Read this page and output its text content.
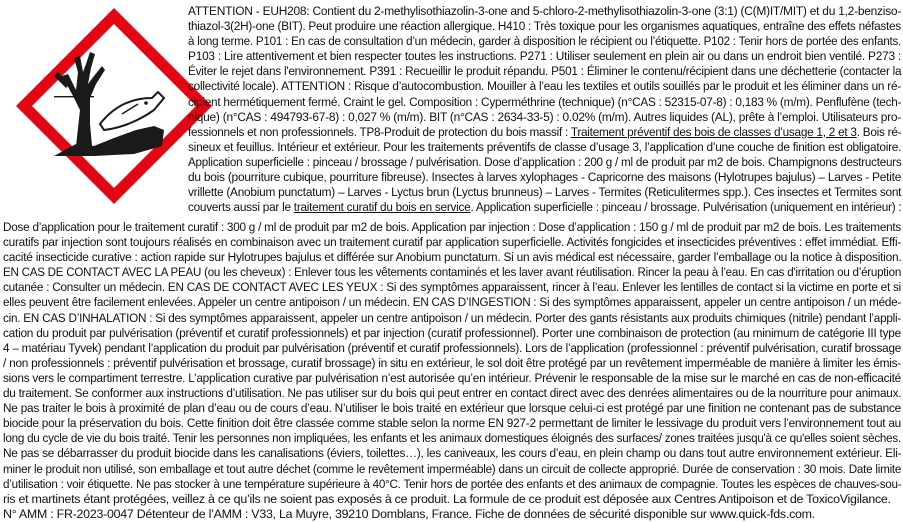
ATTENTION - EUH208: Contient du 2-methylisothiazolin-3-one and 5-chloro-2-methylisothiazolin-3-one (3:1) (C(M)IT/MIT) et du 1,2-benziso-
thiazol-3(2H)-one (BIT). Peut produire une réaction allergique. H410 : Très toxique pour les organismes aquatiques, entraîne des effets néfastes
à long terme. P101 : En cas de consultation d’un médecin, garder à disposition le récipient ou l’étiquette. P102 : Tenir hors de portée des enfants.
P103 : Lire attentivement et bien respecter toutes les instructions. P271 : Utiliser seulement en plein air ou dans un endroit bien ventilé. P273 :
Éviter le rejet dans l'environnement. P391 : Recueillir le produit répandu. P501 : Éliminer le contenu/récipient dans une déchetterie (contacter la
collectivité locale). ATTENTION : Risque d’autocombustion. Mouiller à l’eau les textiles et outils souillés par le produit et les éliminer dans un ré-
cipient hermétiquement fermé. Craint le gel. Composition : Cyperméthrine (technique) (n°CAS : 52315-07-8) : 0,183 % (m/m). Penflufène (tech-
nique) (n°CAS : 494793-67-8) : 0,027 % (m/m). BIT (n°CAS : 2634-33-5) : 0.02% (m/m). Autres liquides (AL), prête à l’emploi. Utilisateurs pro-
fessionnels et non professionnels. TP8-Produit de protection du bois massif : Traitement préventif des bois de classes d’usage 1, 2 et 3. Bois ré-
sineux et feuillus. Intérieur et extérieur. Pour les traitements préventifs de classe d’usage 3, l’application d’une couche de finition est obligatoire.
Application superficielle : pinceau / brossage / pulvérisation. Dose d’application : 200 g / ml de produit par m2 de bois. Champignons destructeurs
du bois (pourriture cubique, pourriture fibreuse). Insectes à larves xylophages - Capricorne des maisons (Hylotrupes bajulus) – Larves - Petite
vrillette (Anobium punctatum) – Larves - Lyctus brun (Lyctus brunneus) – Larves - Termites (Reticulitermes spp.). Ces insectes et Termites sont
couverts aussi par le traitement curatif du bois en service. Application superficielle : pinceau / brossage. Pulvérisation (uniquement en intérieur) :
Dose d’application pour le traitement curatif : 300 g / ml de produit par m2 de bois. Application par injection : Dose d’application : 150 g / ml de produit par m2 de bois. Les traitements
curatifs par injection sont toujours réalisés en combinaison avec un traitement curatif par application superficielle. Activités fongicides et insecticides préventives : effet immédiat. Effi-
cacité insecticide curative : action rapide sur Hylotrupes bajulus et différée sur Anobium punctatum. Si un avis médical est nécessaire, garder l’emballage ou la notice à disposition.
EN CAS DE CONTACT AVEC LA PEAU (ou les cheveux) : Enlever tous les vêtements contaminés et les laver avant réutilisation. Rincer la peau à l’eau. En cas d'irritation ou d’éruption
cutanée : Consulter un médecin. EN CAS DE CONTACT AVEC LES YEUX : Si des symptômes apparaissent, rincer à l’eau. Enlever les lentilles de contact si la victime en porte et si
elles peuvent être facilement enlevées. Appeler un centre antipoison / un médecin. EN CAS D’INGESTION : Si des symptômes apparaissent, appeler un centre antipoison / un méde-
cin. EN CAS D’INHALATION : Si des symptômes apparaissent, appeler un centre antipoison / un médecin. Porter des gants résistants aux produits chimiques (nitrile) pendant l’appli-
cation du produit par pulvérisation (préventif et curatif professionnels) et par injection (curatif professionnel). Porter une combinaison de protection (au minimum de catégorie III type
4 – matériau Tyvek) pendant l’application du produit par pulvérisation (préventif et curatif professionnels). Lors de l’application (professionnel : préventif pulvérisation, curatif brossage
/ non professionnels : préventif pulvérisation et brossage, curatif brossage) in situ en extérieur, le sol doit être protégé par un revêtement imperméable de manière à limiter les émis-
sions vers le compartiment terrestre. L’application curative par pulvérisation n’est autorisée qu’en intérieur. Prévenir le responsable de la mise sur le marché en cas de non-efficacité
du traitement. Se conformer aux instructions d’utilisation. Ne pas utiliser sur du bois qui peut entrer en contact direct avec des denrées alimentaires ou de la nourriture pour animaux.
Ne pas traiter le bois à proximité de plan d’eau ou de cours d’eau. N’utiliser le bois traité en extérieur que lorsque celui-ci est protégé par une finition ne contenant pas de substance
biocide pour la préservation du bois. Cette finition doit être classée comme stable selon la norme EN 927-2 permettant de limiter le lessivage du produit vers l’environnement tout au
long du cycle de vie du bois traité. Tenir les personnes non impliquées, les enfants et les animaux domestiques éloignés des surfaces/ zones traitées jusqu'à ce qu'elles soient sèches.
Ne pas se débarrasser du produit biocide dans les canalisations (éviers, toilettes…), les caniveaux, les cours d’eau, en plein champ ou dans tout autre environnement extérieur. Eli-
miner le produit non utilisé, son emballage et tout autre déchet (comme le revêtement imperméable) dans un circuit de collecte approprié. Durée de conservation : 30 mois. Date limite
d’utilisation : voir étiquette. Ne pas stocker à une température supérieure à 40°C. Tenir hors de portée des enfants et des animaux de compagnie. Toutes les espèces de chauves-sou-
ris et martinets étant protégées, veillez à ce qu’ils ne soient pas exposés à ce produit. La formule de ce produit est déposée aux Centres Antipoison et de ToxicoVigilance.
N° AMM : FR-2023-0047 Détenteur de l’AMM : V33, La Muyre, 39210 Domblans, France. Fiche de données de sécurité disponible sur www.quick-fds.com.
